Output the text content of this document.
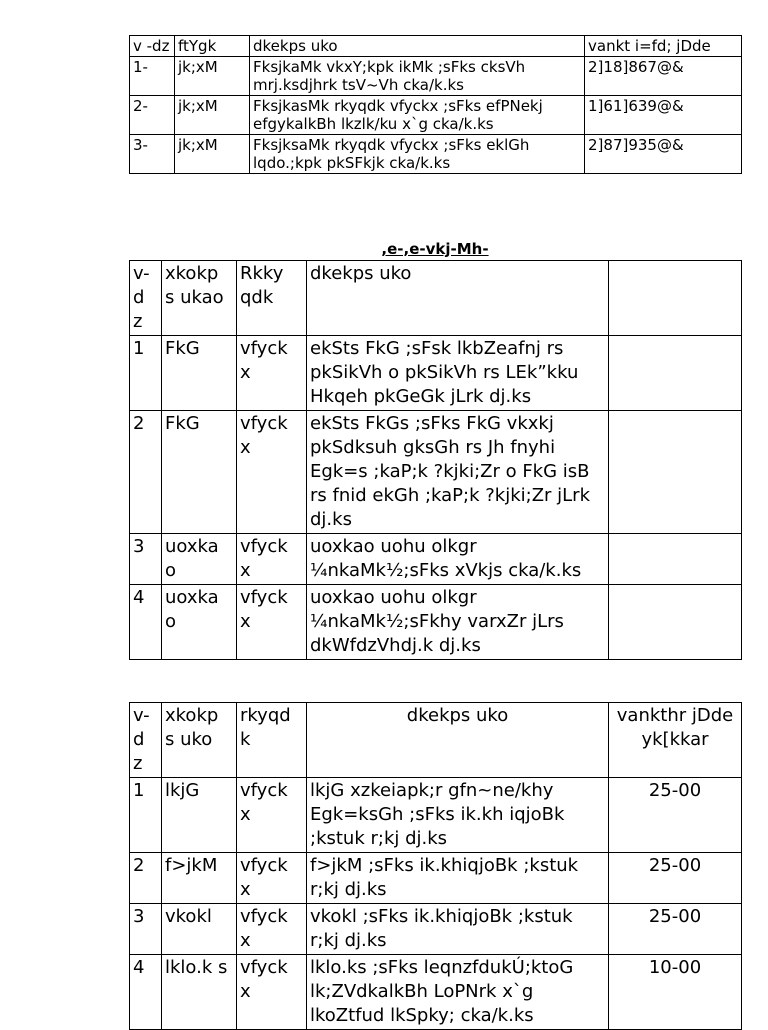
v -dz	ftYgk	dkekps uko	vankt i=fd; jDde
1-	jk;xM	FksjkaMk vkxY;kpk ikMk ;sFks cksVh mrj.ksdjhrk tsV~Vh cka/k.ks	2]18]867@&
2-	jk;xM	FksjkasMk rkyqdk vfyckx ;sFks efPNekj efgykalkBh lkzlk/ku x`g cka/k.ks	1]61]639@&
3-	jk;xM	FksjksaMk rkyqdk vfyckx ;sFks eklGh lqdo.;kpk pkSFkjk cka/k.ks	2]87]935@&
,e-,e-vkj-Mh-
v- d z	xkokp s ukao	Rkky qdk	dkekps uko	
1	FkG	vfyck x	ekSts FkG ;sFsk lkbZeafnj rs pkSikVh o pkSikVh rs LEk”kku Hkqeh pkGeGk jLrk dj.ks	
2	FkG	vfyck x	ekSts FkGs ;sFks FkG vkxkj pkSdksuh gksGh rs Jh fnyhi Egk=s ;kaP;k ?kjki;Zr o FkG isB rs fnid ekGh ;kaP;k ?kjki;Zr jLrk dj.ks	
3	uoxka o	vfyck x	uoxkao uohu olkgr ¼nkaMk½;sFks xVkjs cka/k.ks	
4	uoxka o	vfyck x	uoxkao uohu olkgr ¼nkaMk½;sFkhy varxZr jLrs dkWfdzVhdj.k dj.ks	
v- d z	xkokp s uko	rkyqd k	dkekps uko	vankthr jDde yk[kkar
1	lkjG	vfyck x	lkjG xzkeiapk;r gfn~ne/khy Egk=ksGh ;sFks ik.kh iqjoBk ;kstuk r;kj dj.ks	25-00
2	f>jkM	vfyck x	f>jkM ;sFks ik.khiqjoBk ;kstuk r;kj dj.ks	25-00
3	vkokl	vfyck x	vkokl ;sFks ik.khiqjoBk ;kstuk r;kj dj.ks	25-00
4	lklo.k s	vfyck x	lklo.ks ;sFks leqnzfdukÚ;ktoG lk;ZVdkalkBh LoPNrk x`g lkoZtfud lkSpky; cka/k.ks	10-00
